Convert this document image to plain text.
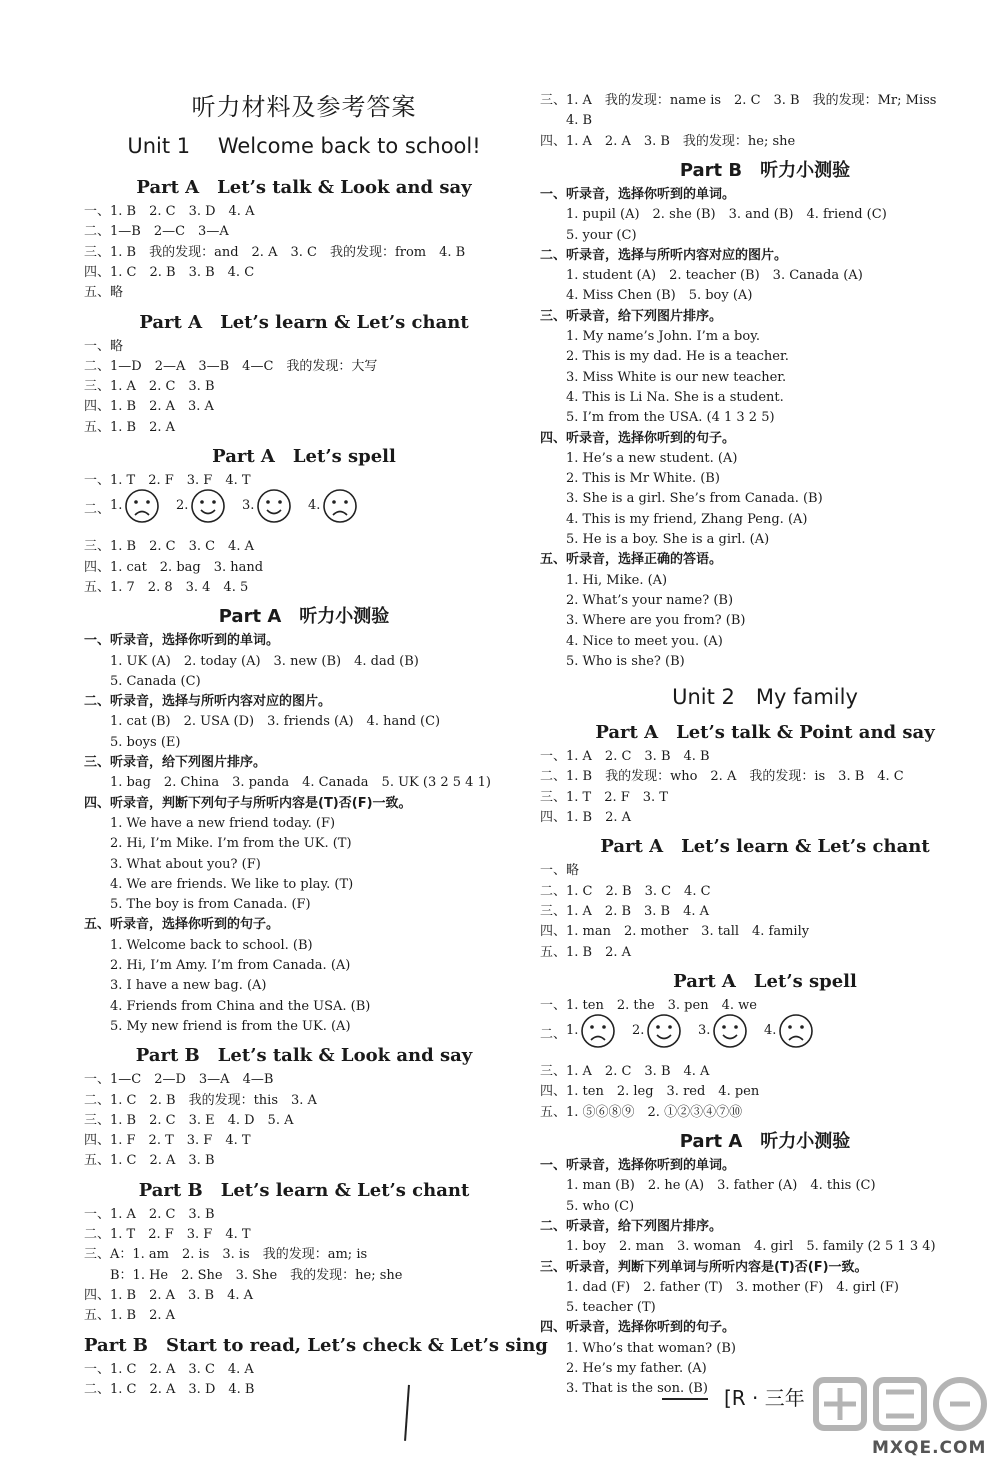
听力材料及参考答案
Unit 1 　Welcome back to school!
Part A　Let’s talk & Look and say
一、1. B　2. C　3. D　4. A
二、1—B　2—C　3—A
三、1. B　我的发现：and　2. A　3. C　我的发现：from　4. B
四、1. C　2. B　3. B　4. C
五、略
Part A　Let’s learn & Let’s chant
一、略
二、1—D　2—A　3—B　4—C　我的发现：大写
三、1. A　2. C　3. B
四、1. B　2. A　3. A
五、1. B　2. A
Part A　Let’s spell
一、1. T　2. F　3. F　4. T
二、 1.	2.	3.	4.
三、1. B　2. C　3. C　4. A
四、1. cat　2. bag　3. hand
五、1. 7　2. 8　3. 4　4. 5
Part A　听力小测验
一、听录音，选择你听到的单词。
1. UK (A)　2. today (A)　3. new (B)　4. dad (B)
5. Canada (C)
二、听录音，选择与所听内容对应的图片。
1. cat (B)　2. USA (D)　3. friends (A)　4. hand (C)
5. boys (E)
三、听录音，给下列图片排序。
1. bag　2. China　3. panda　4. Canada　5. UK (3 2 5 4 1)
四、听录音，判断下列句子与所听内容是(T)否(F)一致。
1. We have a new friend today. (F)
2. Hi, I’m Mike. I’m from the UK. (T)
3. What about you? (F)
4. We are friends. We like to play. (T)
5. The boy is from Canada. (F)
五、听录音，选择你听到的句子。
1. Welcome back to school. (B)
2. Hi, I’m Amy. I’m from Canada. (A)
3. I have a new bag. (A)
4. Friends from China and the USA. (B)
5. My new friend is from the UK. (A)
Part B　Let’s talk & Look and say
一、1—C　2—D　3—A　4—B
二、1. C　2. B　我的发现：this　3. A
三、1. B　2. C　3. E　4. D　5. A
四、1. F　2. T　3. F　4. T
五、1. C　2. A　3. B
Part B　Let’s learn & Let’s chant
一、1. A　2. C　3. B
二、1. T　2. F　3. F　4. T
三、A：1. am　2. is　3. is　我的发现：am; is
　　B：1. He　2. She　3. She　我的发现：he; she
四、1. B　2. A　3. B　4. A
五、1. B　2. A
Part B　Start to read, Let’s check & Let’s sing
一、1. C　2. A　3. C　4. A
二、1. C　2. A　3. D　4. B
三、1. A　我的发现：name is　2. C　3. B　我的发现：Mr; Miss
4. B
四、1. A　2. A　3. B　我的发现：he; she
Part B　听力小测验
一、听录音，选择你听到的单词。
1. pupil (A)　2. she (B)　3. and (B)　4. friend (C)
5. your (C)
二、听录音，选择与所听内容对应的图片。
1. student (A)　2. teacher (B)　3. Canada (A)
4. Miss Chen (B)　5. boy (A)
三、听录音，给下列图片排序。
1. My name’s John. I’m a boy.
2. This is my dad. He is a teacher.
3. Miss White is our new teacher.
4. This is Li Na. She is a student.
5. I’m from the USA. (4 1 3 2 5)
四、听录音，选择你听到的句子。
1. He’s a new student. (A)
2. This is Mr White. (B)
3. She is a girl. She’s from Canada. (B)
4. This is my friend, Zhang Peng. (A)
5. He is a boy. She is a girl. (A)
五、听录音，选择正确的答语。
1. Hi, Mike. (A)
2. What’s your name? (B)
3. Where are you from? (B)
4. Nice to meet you. (A)
5. Who is she? (B)
Unit 2　My family
Part A　Let’s talk & Point and say
一、1. A　2. C　3. B　4. B
二、1. B　我的发现：who　2. A　我的发现：is　3. B　4. C
三、1. T　2. F　3. T
四、1. B　2. A
Part A　Let’s learn & Let’s chant
一、略
二、1. C　2. B　3. C　4. C
三、1. A　2. B　3. B　4. A
四、1. man　2. mother　3. tall　4. family
五、1. B　2. A
Part A　Let’s spell
一、1. ten　2. the　3. pen　4. we
二、 1.	2.	3.	4.
三、1. A　2. C　3. B　4. A
四、1. ten　2. leg　3. red　4. pen
五、1. ⑤⑥⑧⑨　2. ①②③④⑦⑩
Part A　听力小测验
一、听录音，选择你听到的单词。
1. man (B)　2. he (A)　3. father (A)　4. this (C)
5. who (C)
二、听录音，给下列图片排序。
1. boy　2. man　3. woman　4. girl　5. family (2 5 1 3 4)
三、听录音，判断下列单词与所听内容是(T)否(F)一致。
1. dad (F)　2. father (T)　3. mother (F)　4. girl (F)
5. teacher (T)
四、听录音，选择你听到的句子。
1. Who’s that woman? (B)
2. He’s my father. (A)
3. That is the son. (B) [R · 三年
MXQE.COM
